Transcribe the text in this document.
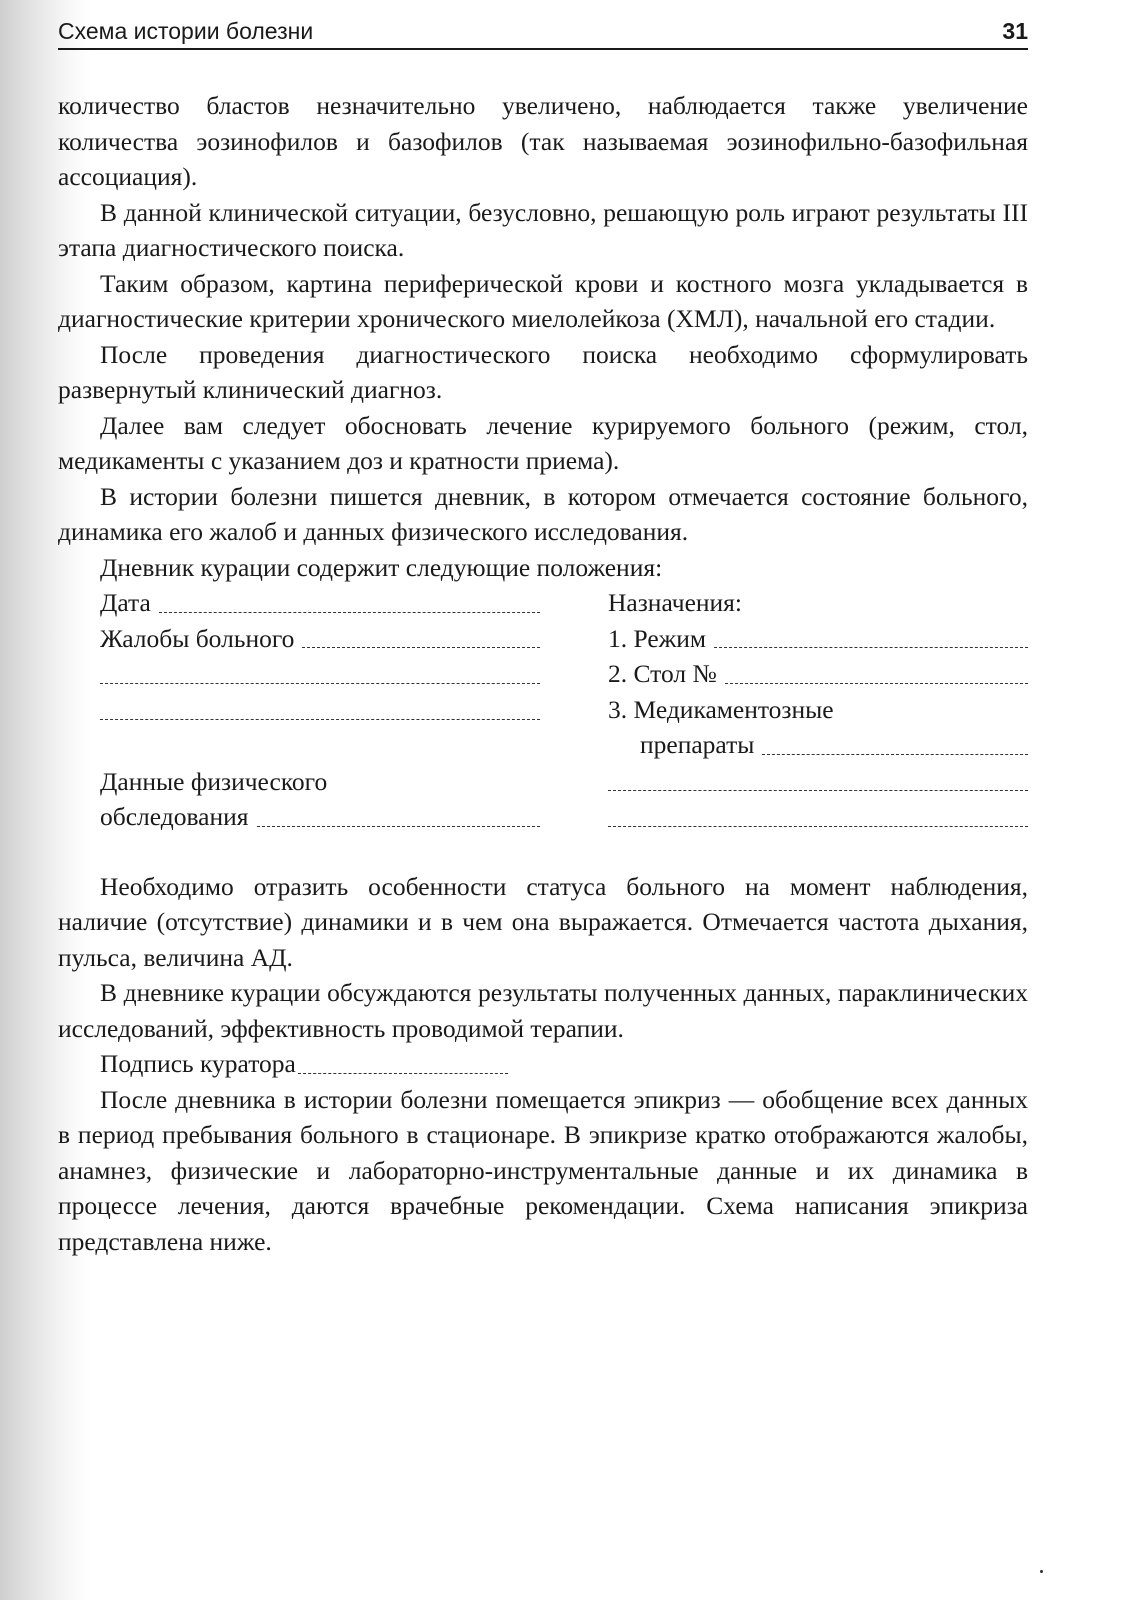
Схема истории болезни	31

количество бластов незначительно увеличено, наблюдается также увеличение количества эозинофилов и базофилов (так называемая эозинофильно-базофильная ассоциация).

В данной клинической ситуации, безусловно, решающую роль играют результаты III этапа диагностического поиска.

Таким образом, картина периферической крови и костного мозга укладывается в диагностические критерии хронического миелолейкоза (ХМЛ), начальной его стадии.

После проведения диагностического поиска необходимо сформулировать развернутый клинический диагноз.

Далее вам следует обосновать лечение курируемого больного (режим, стол, медикаменты с указанием доз и кратности приема).

В истории болезни пишется дневник, в котором отмечается состояние больного, динамика его жалоб и данных физического исследования.

Дневник курации содержит следующие положения:

Дата
Жалобы больного
Данные физического
обследования
Назначения:
1. Режим
2. Стол №
3. Медикаментозные
препараты

Необходимо отразить особенности статуса больного на момент наблюдения, наличие (отсутствие) динамики и в чем она выражается. Отмечается частота дыхания, пульса, величина АД.

В дневнике курации обсуждаются результаты полученных данных, параклинических исследований, эффективность проводимой терапии.

Подпись куратора

После дневника в истории болезни помещается эпикриз — обобщение всех данных в период пребывания больного в стационаре. В эпикризе кратко отображаются жалобы, анамнез, физические и лабораторно-инструментальные данные и их динамика в процессе лечения, даются врачебные рекомендации. Схема написания эпикриза представлена ниже.
